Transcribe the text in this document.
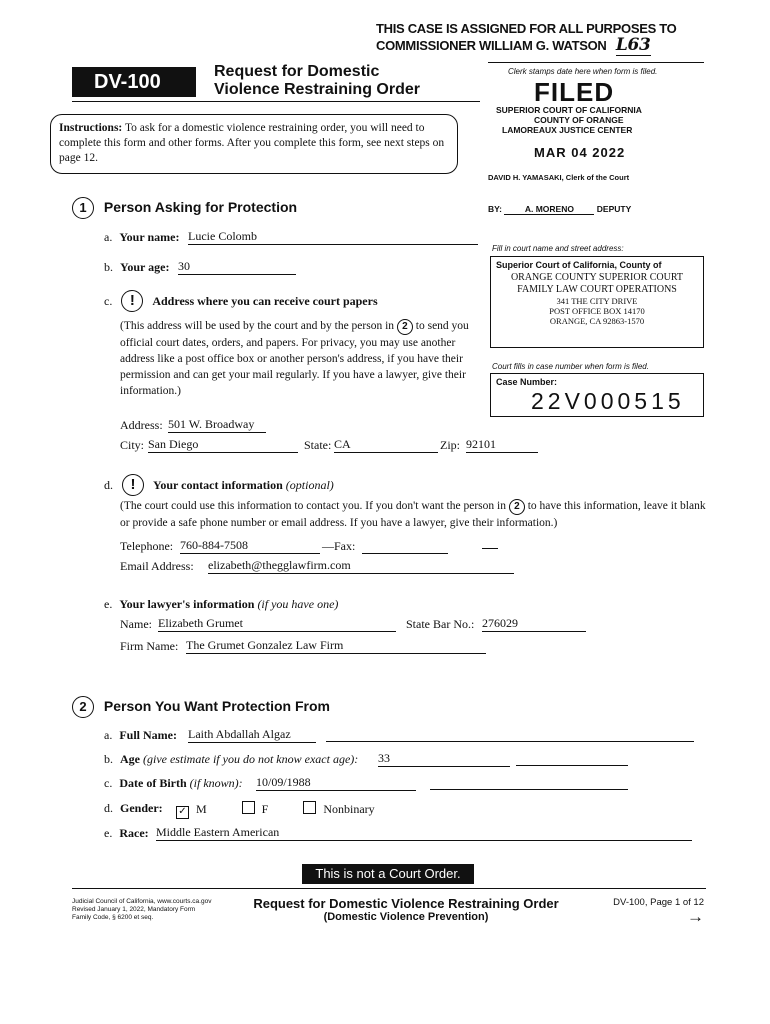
THIS CASE IS ASSIGNED FOR ALL PURPOSES TO
COMMISSIONER WILLIAM G. WATSON L63
DV-100	Request for Domestic
Violence Restraining Order
Instructions: To ask for a domestic violence restraining order, you will need to complete this form and other forms. After you complete this form, see next steps on page 12.
Clerk stamps date here when form is filed.
FILED
SUPERIOR COURT OF CALIFORNIA
COUNTY OF ORANGE
LAMOREAUX JUSTICE CENTER
MAR 04 2022
DAVID H. YAMASAKI, Clerk of the Court
BY:	A. MORENO	DEPUTY
Fill in court name and street address:
Superior Court of California, County of
ORANGE COUNTY SUPERIOR COURT
FAMILY LAW COURT OPERATIONS
341 THE CITY DRIVE
POST OFFICE BOX 14170
ORANGE, CA 92863-1570
Court fills in case number when form is filed.
Case Number:
22V000515
1 Person Asking for Protection
a. Your name: Lucie Colomb
b. Your age: 30
c. ! Address where you can receive court papers
(This address will be used by the court and by the person in 2 to send you official court dates, orders, and papers. For privacy, you may use another address like a post office box or another person's address, if you have their permission and can get your mail regularly. If you have a lawyer, give their information.)
Address: 501 W. Broadway
City: San Diego	State: CA	Zip: 92101
d. ! Your contact information (optional)
(The court could use this information to contact you. If you don't want the person in 2 to have this information, leave it blank or provide a safe phone number or email address. If you have a lawyer, give their information.)
Telephone: 760-884-7508	—Fax:
Email Address: elizabeth@thegglawfirm.com
e. Your lawyer's information (if you have one)
Name: Elizabeth Grumet	State Bar No.: 276029
Firm Name: The Grumet Gonzalez Law Firm
2 Person You Want Protection From
a. Full Name: Laith Abdallah Algaz
b. Age (give estimate if you do not know exact age): 33
c. Date of Birth (if known): 10/09/1988
d. Gender: ✓ M	F	Nonbinary
e. Race: Middle Eastern American
This is not a Court Order.
Judicial Council of California, www.courts.ca.gov
Revised January 1, 2022, Mandatory Form
Family Code, § 6200 et seq.
Request for Domestic Violence Restraining Order
(Domestic Violence Prevention)
DV-100, Page 1 of 12
→
